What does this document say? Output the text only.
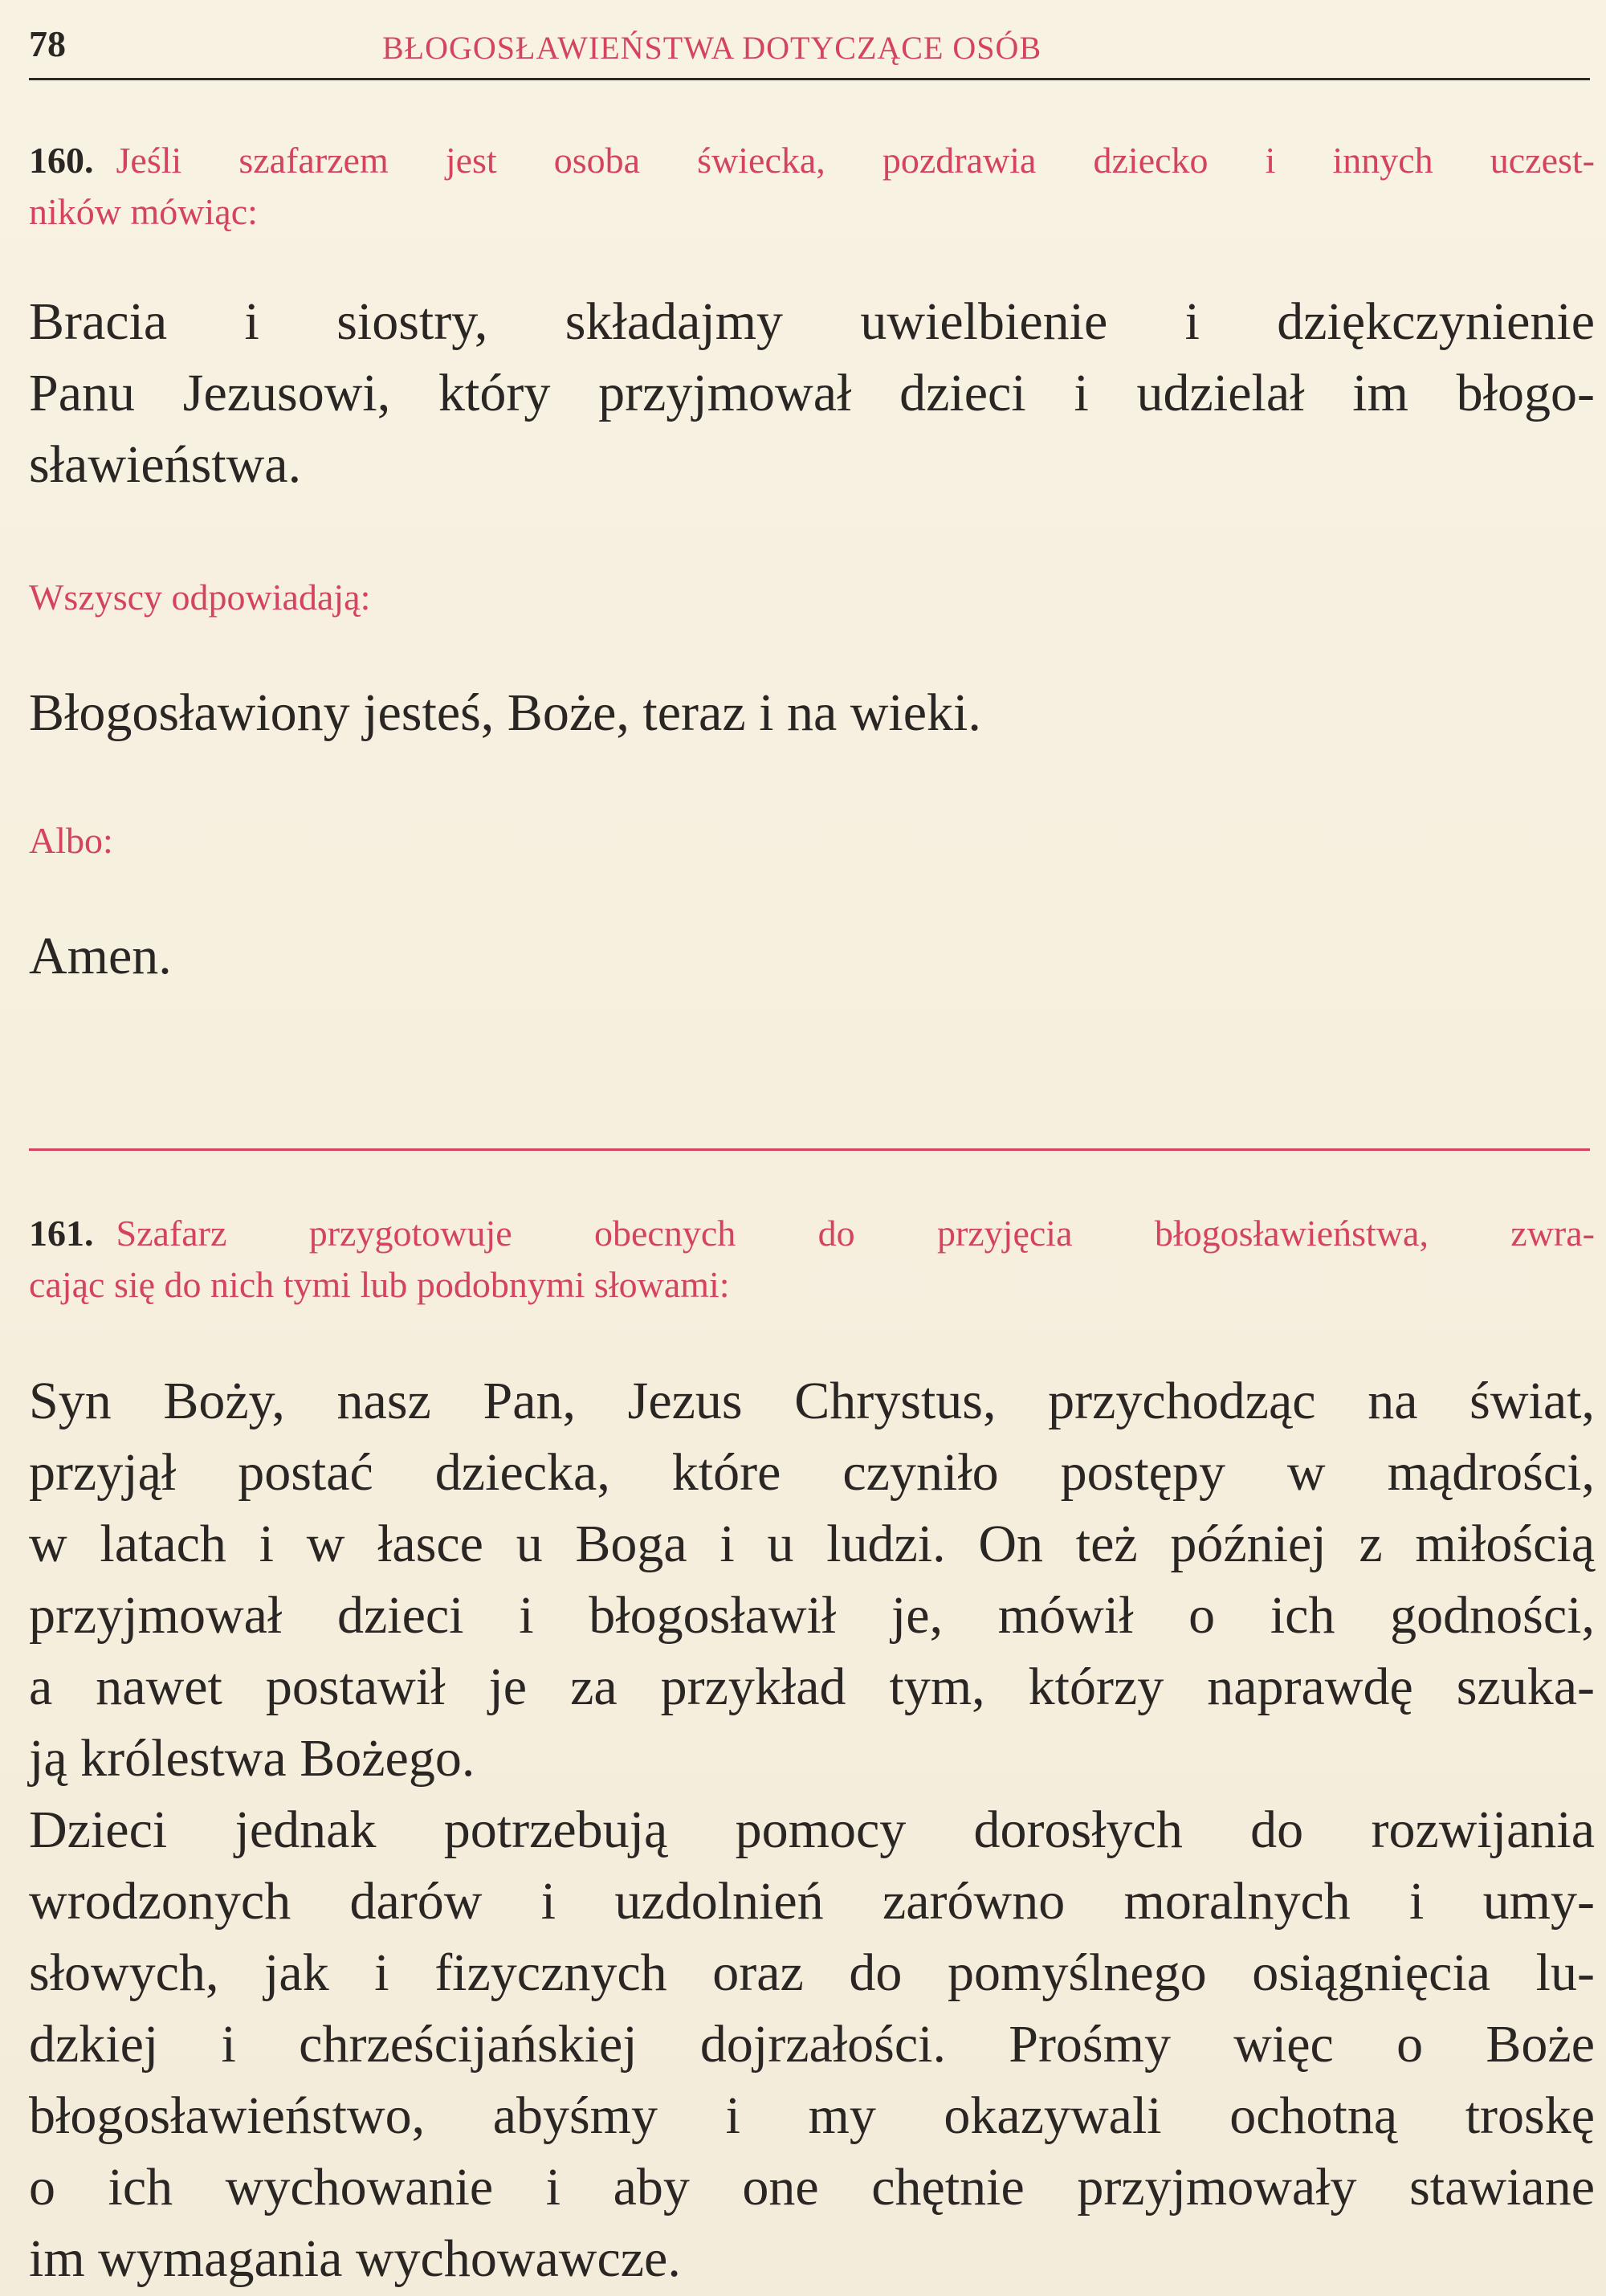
78	BŁOGOSŁAWIEŃSTWA DOTYCZĄCE OSÓB
160. Jeśli szafarzem jest osoba świecka, pozdrawia dziecko i innych uczest-
ników mówiąc:
Bracia i siostry, składajmy uwielbienie i dziękczynienie
Panu Jezusowi, który przyjmował dzieci i udzielał im błogo-
sławieństwa.
Wszyscy odpowiadają:
Błogosławiony jesteś, Boże, teraz i na wieki.
Albo:
Amen.
161. Szafarz przygotowuje obecnych do przyjęcia błogosławieństwa, zwra-
cając się do nich tymi lub podobnymi słowami:
Syn Boży, nasz Pan, Jezus Chrystus, przychodząc na świat,
przyjął postać dziecka, które czyniło postępy w mądrości,
w latach i w łasce u Boga i u ludzi. On też później z miłością
przyjmował dzieci i błogosławił je, mówił o ich godności,
a nawet postawił je za przykład tym, którzy naprawdę szuka-
ją królestwa Bożego.
Dzieci jednak potrzebują pomocy dorosłych do rozwijania
wrodzonych darów i uzdolnień zarówno moralnych i umy-
słowych, jak i fizycznych oraz do pomyślnego osiągnięcia lu-
dzkiej i chrześcijańskiej dojrzałości. Prośmy więc o Boże
błogosławieństwo, abyśmy i my okazywali ochotną troskę
o ich wychowanie i aby one chętnie przyjmowały stawiane
im wymagania wychowawcze.
